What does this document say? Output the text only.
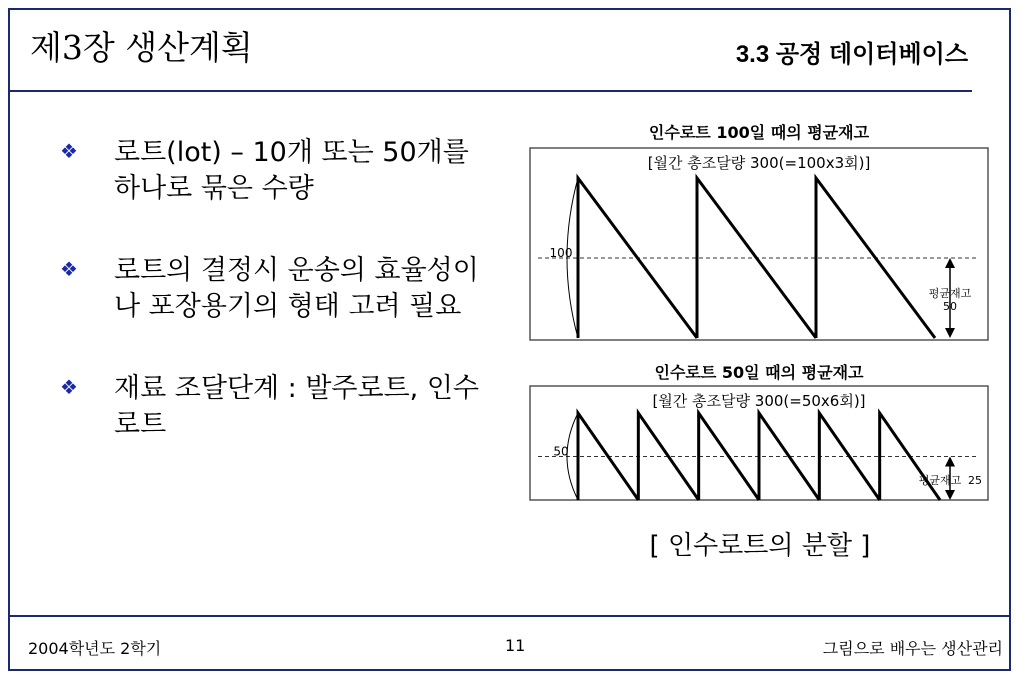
제3장 생산계획	3.3 공정 데이터베이스
❖	로트(lot) – 10개 또는 50개를 하나로 묶은 수량
❖	로트의 결정시 운송의 효율성이나 포장용기의 형태 고려 필요
❖	재료 조달단계 : 발주로트, 인수로트
인수로트 100일 때의 평균재고
[월간 총조달량 300(=100x3회)]
100
평균재고
50
인수로트 50일 때의 평균재고
[월간 총조달량 300(=50x6회)]
50
평균재고 25
[ 인수로트의 분할 ]
2004학년도 2학기	11	그림으로 배우는 생산관리
